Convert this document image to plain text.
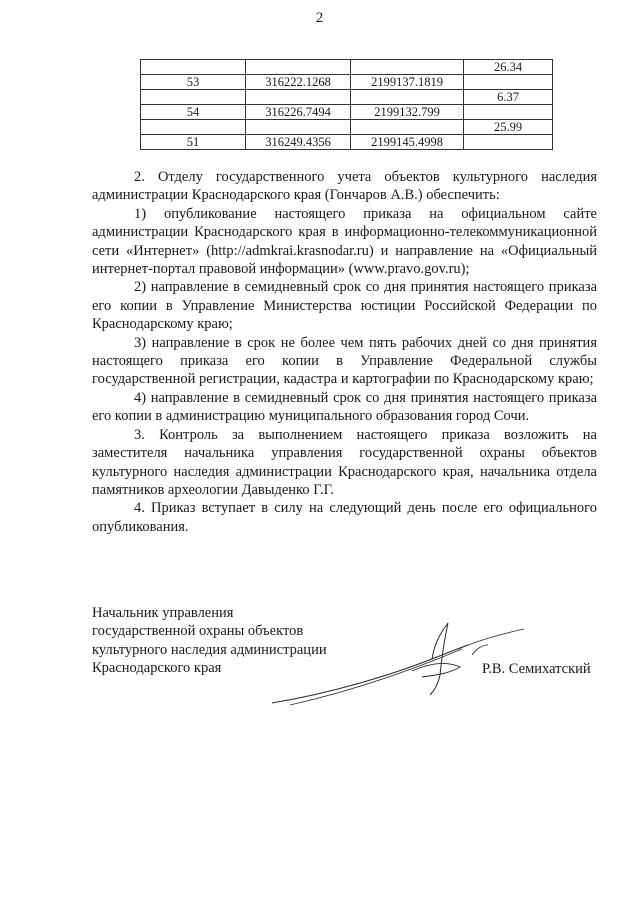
2
			26.34
53	316222.1268	2199137.1819	
			6.37
54	316226.7494	2199132.799	
			25.99
51	316249.4356	2199145.4998	

2. Отделу государственного учета объектов культурного наследия администрации Краснодарского края (Гончаров А.В.) обеспечить:

1) опубликование настоящего приказа на официальном сайте администрации Краснодарского края в информационно-телекоммуникационной сети «Интернет» (http://admkrai.krasnodar.ru) и направление на «Официальный интернет-портал правовой информации» (www.pravo.gov.ru);

2) направление в семидневный срок со дня принятия настоящего приказа его копии в Управление Министерства юстиции Российской Федерации по Краснодарскому краю;

3) направление в срок не более чем пять рабочих дней со дня принятия настоящего приказа его копии в Управление Федеральной службы государственной регистрации, кадастра и картографии по Краснодарскому краю;

4) направление в семидневный срок со дня принятия настоящего приказа его копии в администрацию муниципального образования город Сочи.

3. Контроль за выполнением настоящего приказа возложить на заместителя начальника управления государственной охраны объектов культурного наследия администрации Краснодарского края, начальника отдела памятников археологии Давыденко Г.Г.

4. Приказ вступает в силу на следующий день после его официального опубликования.

Начальник управления
государственной охраны объектов
культурного наследия администрации
Краснодарского края	Р.В. Семихатский
